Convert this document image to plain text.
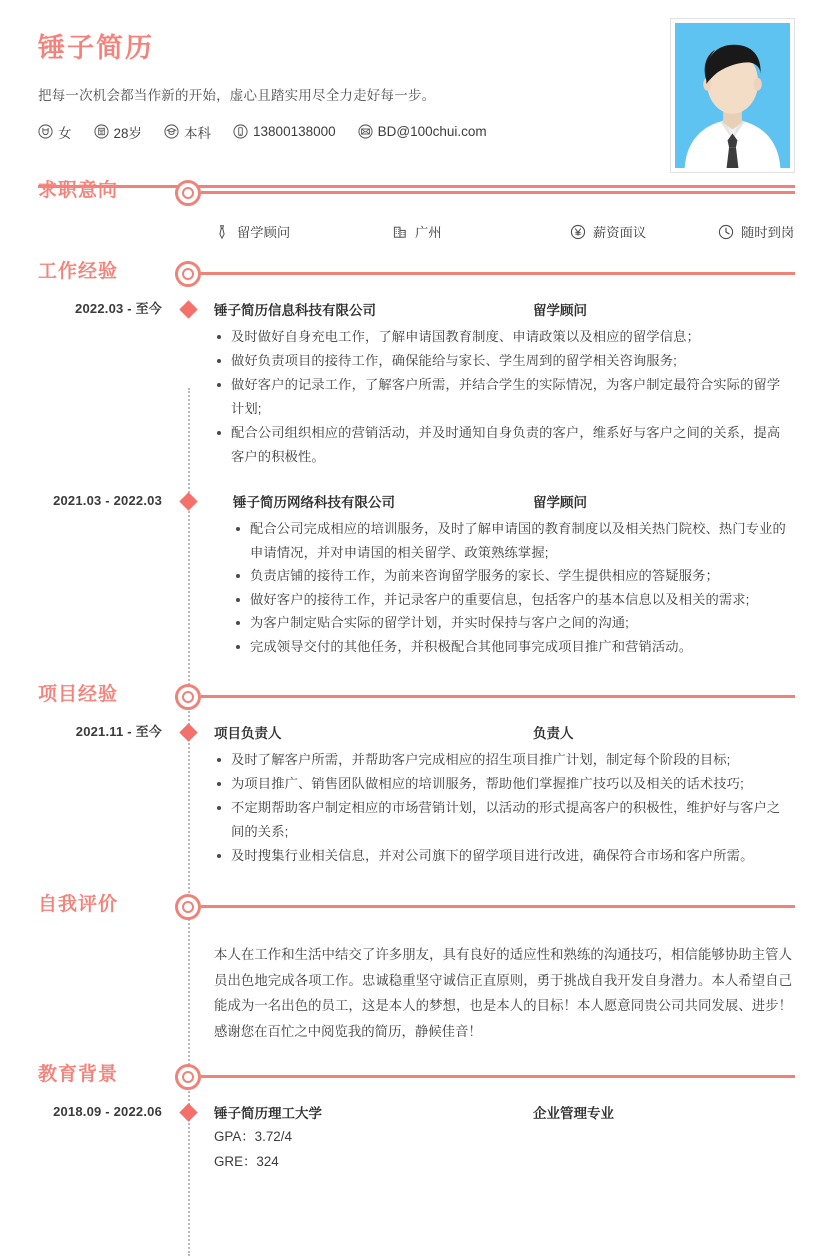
锤子简历

把每一次机会都当作新的开始，虚心且踏实用尽全力走好每一步。

女	28岁	本科	13800138000	BD@100chui.com
求职意向
留学顾问	广州	薪资面议	随时到岗
工作经验
2022.03 - 至今	锤子简历信息科技有限公司	留学顾问
及时做好自身充电工作，了解申请国教育制度、申请政策以及相应的留学信息；
做好负责项目的接待工作，确保能给与家长、学生周到的留学相关咨询服务;
做好客户的记录工作，了解客户所需，并结合学生的实际情况，为客户制定最符合实际的留学计划;
配合公司组织相应的营销活动，并及时通知自身负责的客户，维系好与客户之间的关系，提高客户的积极性。
2021.03 - 2022.03	锤子简历网络科技有限公司	留学顾问
配合公司完成相应的培训服务，及时了解申请国的教育制度以及相关热门院校、热门专业的申请情况，并对申请国的相关留学、政策熟练掌握;
负责店铺的接待工作，为前来咨询留学服务的家长、学生提供相应的答疑服务；
做好客户的接待工作，并记录客户的重要信息，包括客户的基本信息以及相关的需求;
为客户制定贴合实际的留学计划，并实时保持与客户之间的沟通;
完成领导交付的其他任务，并积极配合其他同事完成项目推广和营销活动。
项目经验
2021.11 - 至今	项目负责人	负责人
及时了解客户所需，并帮助客户完成相应的招生项目推广计划，制定每个阶段的目标;
为项目推广、销售团队做相应的培训服务，帮助他们掌握推广技巧以及相关的话术技巧;
不定期帮助客户制定相应的市场营销计划，以活动的形式提高客户的积极性，维护好与客户之间的关系;
及时搜集行业相关信息，并对公司旗下的留学项目进行改进，确保符合市场和客户所需。
自我评价
本人在工作和生活中结交了许多朋友，具有良好的适应性和熟练的沟通技巧，相信能够协助主管人员出色地完成各项工作。忠诚稳重坚守诚信正直原则，勇于挑战自我开发自身潜力。本人希望自己能成为一名出色的员工，这是本人的梦想，也是本人的目标！本人愿意同贵公司共同发展、进步！感谢您在百忙之中阅览我的简历，静候佳音！
教育背景
2018.09 - 2022.06	锤子简历理工大学	企业管理专业
GPA：3.72/4
GRE：324
